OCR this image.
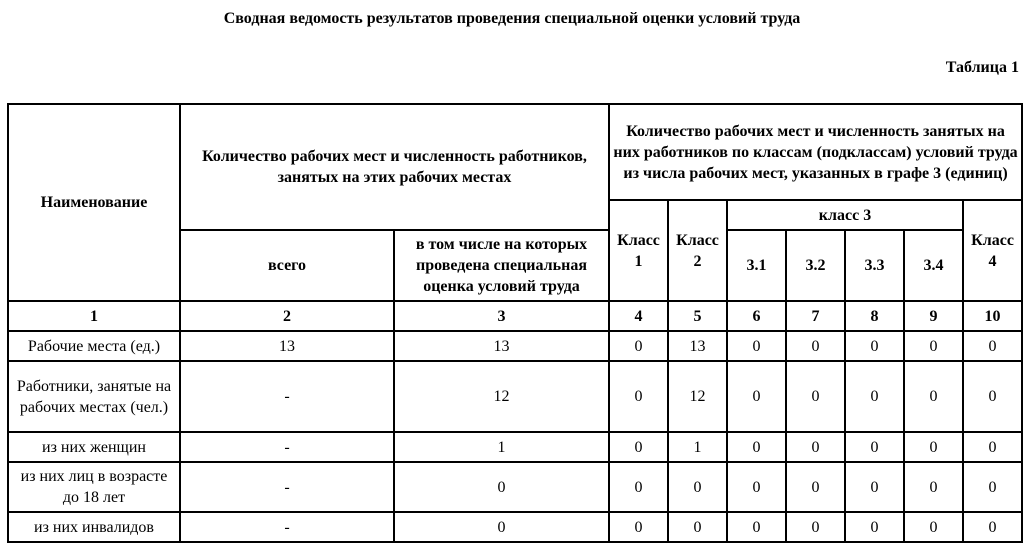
Сводная ведомость результатов проведения специальной оценки условий труда
Таблица 1
Наименование	Количество рабочих мест и численность работников, занятых на этих рабочих местах		Количество рабочих мест и численность занятых на них работников по классам (подклассам) условий труда из числа рабочих мест, указанных в графе 3 (единиц)						
			Класс 1	Класс 2	класс 3				Класс 4
	всего	в том числе на которых проведена специальная оценка условий труда			3.1	3.2	3.3	3.4	
1	2	3	4	5	6	7	8	9	10
Рабочие места (ед.)	13	13	0	13	0	0	0	0	0
Работники, занятые на рабочих местах (чел.)	-	12	0	12	0	0	0	0	0
из них женщин	-	1	0	1	0	0	0	0	0
из них лиц в возрасте до 18 лет	-	0	0	0	0	0	0	0	0
из них инвалидов	-	0	0	0	0	0	0	0	0
